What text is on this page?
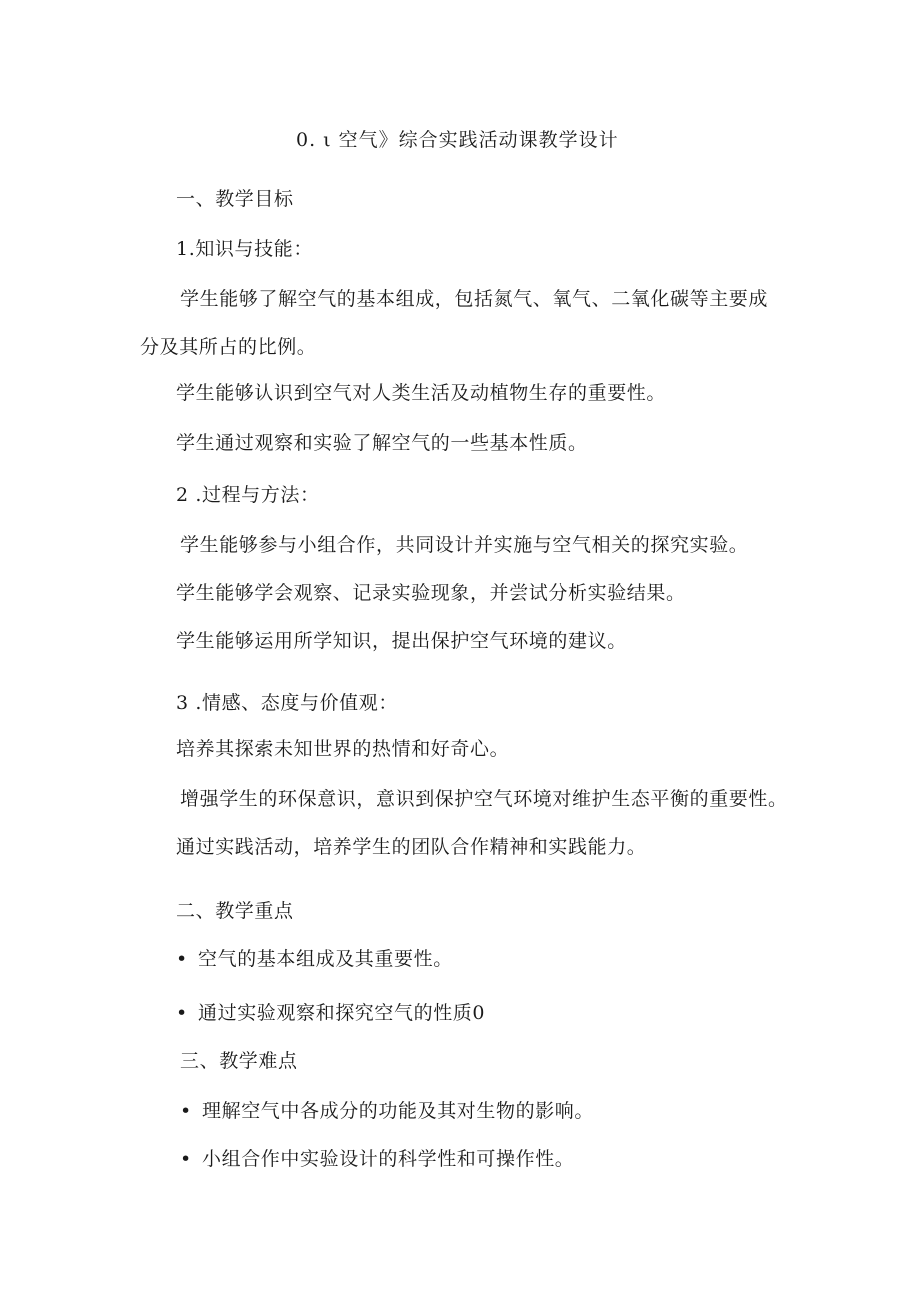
0. ι 空气》综合实践活动课教学设计
一、教学目标
1.知识与技能：
学生能够了解空气的基本组成，包括氮气、氧气、二氧化碳等主要成
分及其所占的比例。
学生能够认识到空气对人类生活及动植物生存的重要性。
学生通过观察和实验了解空气的一些基本性质。
2 .过程与方法：
学生能够参与小组合作，共同设计并实施与空气相关的探究实验。
学生能够学会观察、记录实验现象，并尝试分析实验结果。
学生能够运用所学知识，提出保护空气环境的建议。
3 .情感、态度与价值观：
培养其探索未知世界的热情和好奇心。
增强学生的环保意识，意识到保护空气环境对维护生态平衡的重要性。
通过实践活动，培养学生的团队合作精神和实践能力。
二、教学重点
• 空气的基本组成及其重要性。
• 通过实验观察和探究空气的性质0
三、教学难点
• 理解空气中各成分的功能及其对生物的影响。
• 小组合作中实验设计的科学性和可操作性。
